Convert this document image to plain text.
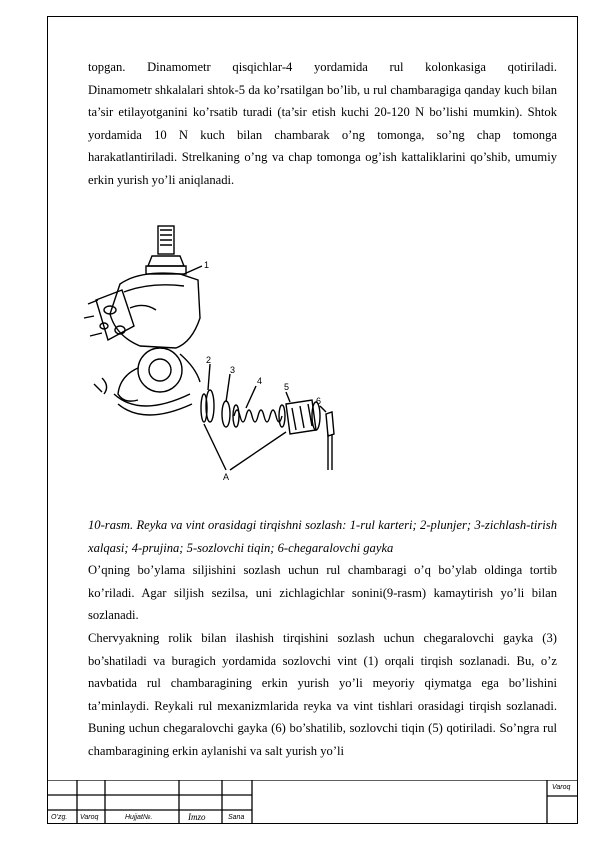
topgan. Dinamometr qisqichlar-4 yordamida rul kolonkasiga qotiriladi.

Dinamometr shkalalari shtok-5 da ko’rsatilgan bo’lib, u rul chambaragiga qanday kuch bilan ta’sir etilayotganini ko’rsatib turadi (ta’sir etish kuchi 20-120 N bo’lishi mumkin). Shtok yordamida 10 N kuch bilan chambarak o’ng tomonga, so’ng chap tomonga harakatlantiriladi. Strelkaning o’ng va chap tomonga og’ish kattaliklarini qo’shib, umumiy erkin yurish yo’li aniqlanadi.

1
2
3
4
5
6
A

10-rasm. Reyka va vint orasidagi tirqishni sozlash: 1-rul karteri; 2-plunjer; 3-zichlash-tirish xalqasi; 4-prujina; 5-sozlovchi tiqin; 6-chegaralovchi gayka

O’qning bo’ylama siljishini sozlash uchun rul chambaragi o’q bo’ylab oldinga tortib ko’riladi. Agar siljish sezilsa, uni zichlagichlar sonini(9-rasm) kamaytirish yo’li bilan sozlanadi.

Chervyakning rolik bilan ilashish tirqishini sozlash uchun chegaralovchi gayka (3) bo’shatiladi va buragich yordamida sozlovchi vint (1) orqali tirqish sozlanadi. Bu, o’z navbatida rul chambaragining erkin yurish yo’li meyoriy qiymatga ega bo’lishini ta’minlaydi. Reykali rul mexanizmlarida reyka va vint tishlari orasidagi tirqish sozlanadi. Buning uchun chegaralovchi gayka (6) bo’shatilib, sozlovchi tiqin (5) qotiriladi. So’ngra rul chambaragining erkin aylanishi va salt yurish yo’li

O’zg. Varoq	Hujjat№.	Imzo	Sana
Varoq
